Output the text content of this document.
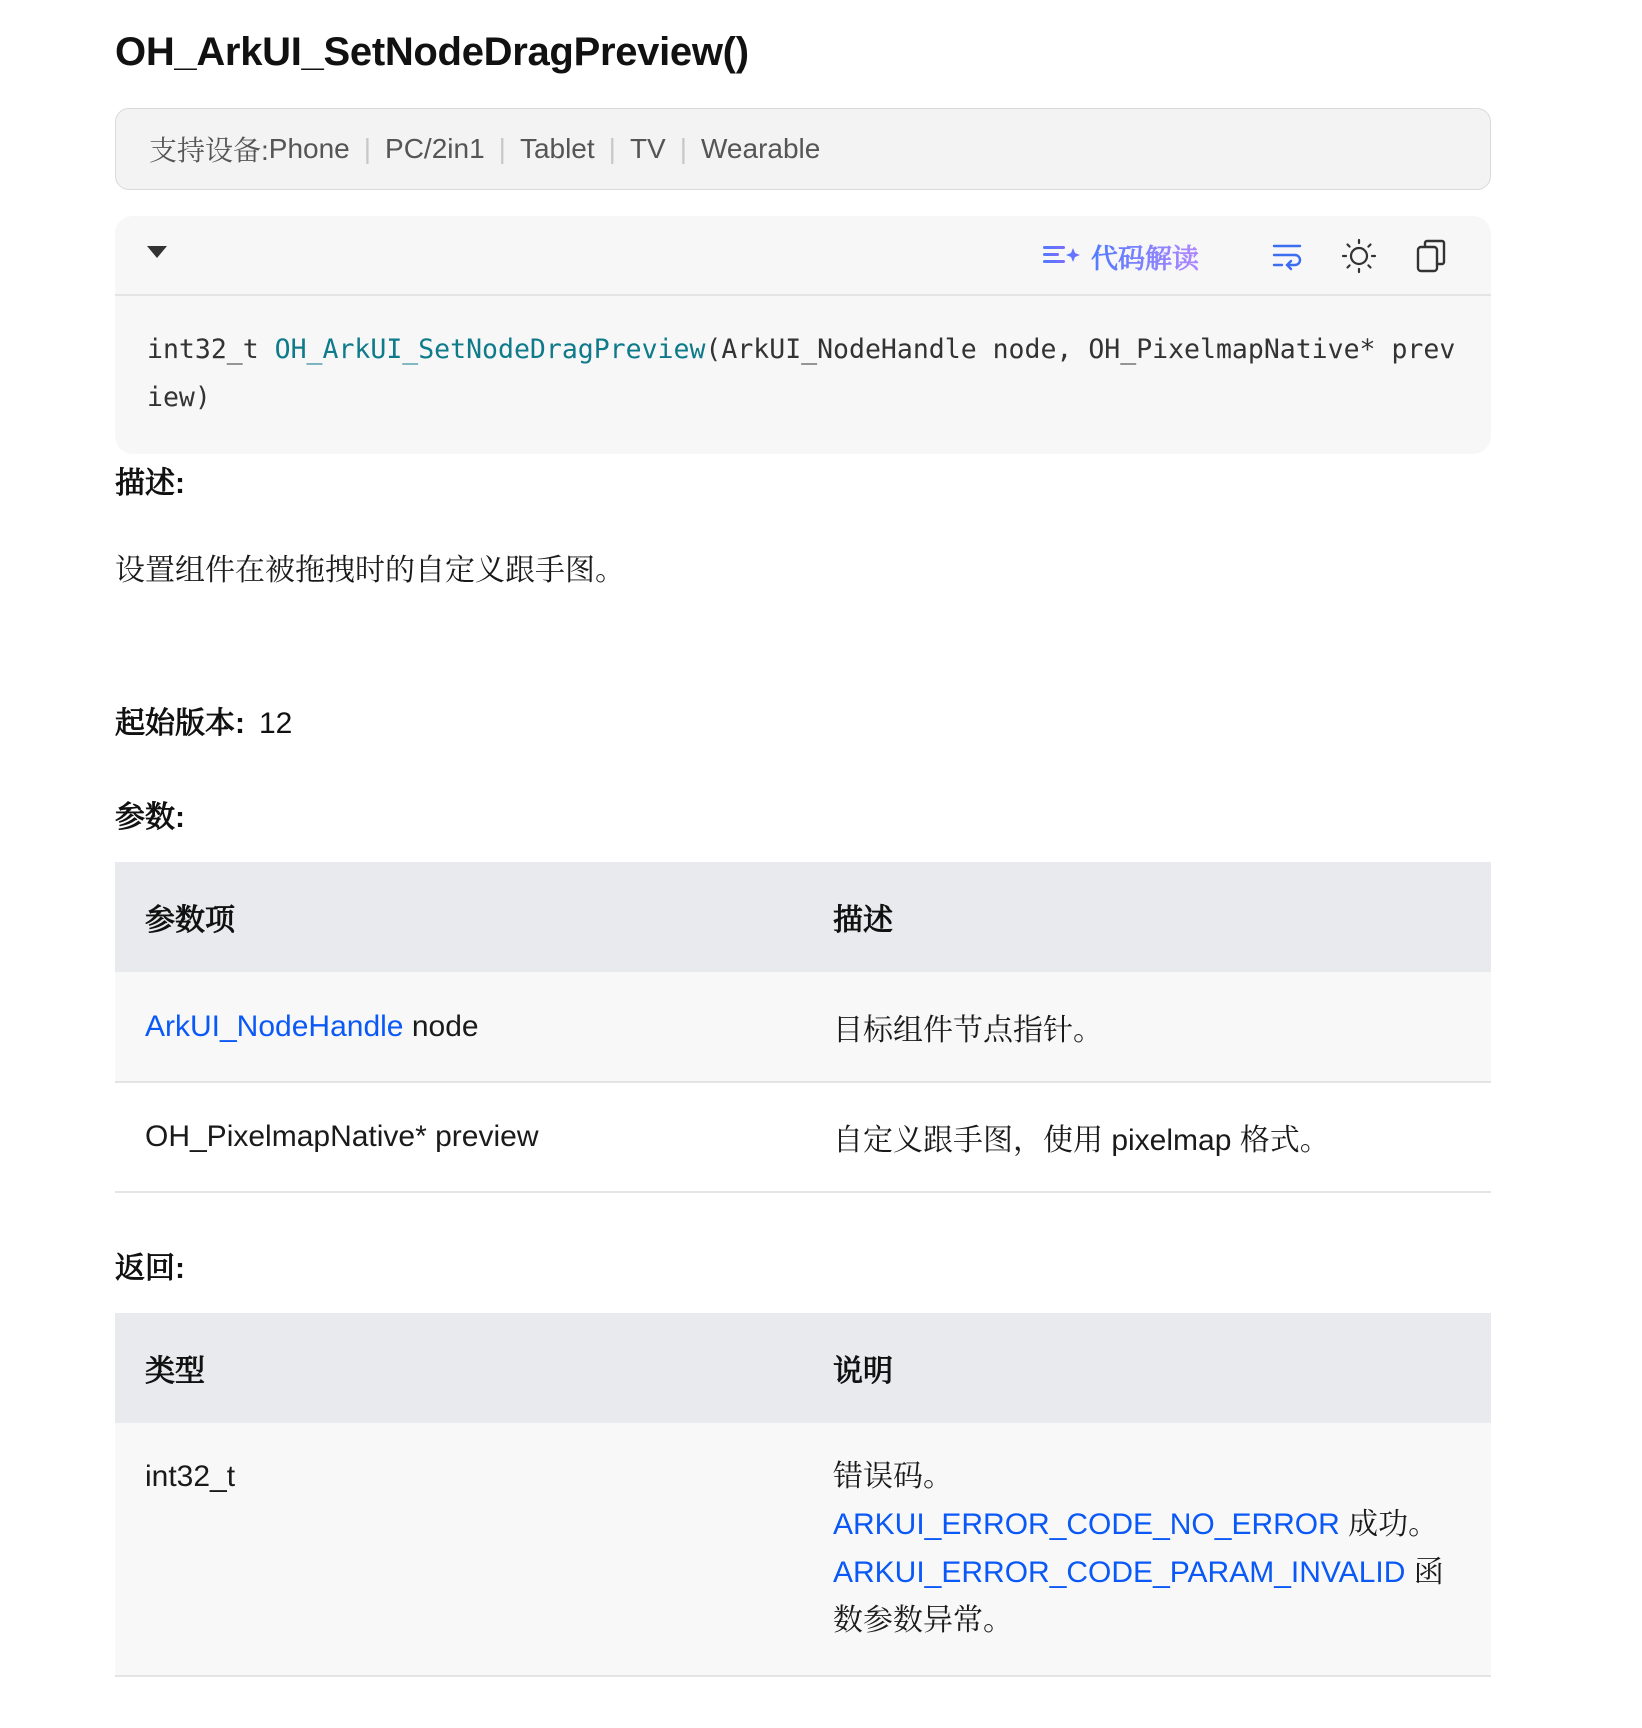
OH_ArkUI_SetNodeDragPreview()
支持设备: Phone | PC/2in1 | Tablet | TV | Wearable
代码解读
int32_t OH_ArkUI_SetNodeDragPreview(ArkUI_NodeHandle node, OH_PixelmapNative* preview)
描述:
设置组件在被拖拽时的自定义跟手图。
起始版本: 12
参数:
参数项	描述
ArkUI_NodeHandle node	目标组件节点指针。
OH_PixelmapNative* preview	自定义跟手图，使用 pixelmap 格式。
返回:
类型	说明
int32_t	错误码。
ARKUI_ERROR_CODE_NO_ERROR 成功。
ARKUI_ERROR_CODE_PARAM_INVALID 函数参数异常。
